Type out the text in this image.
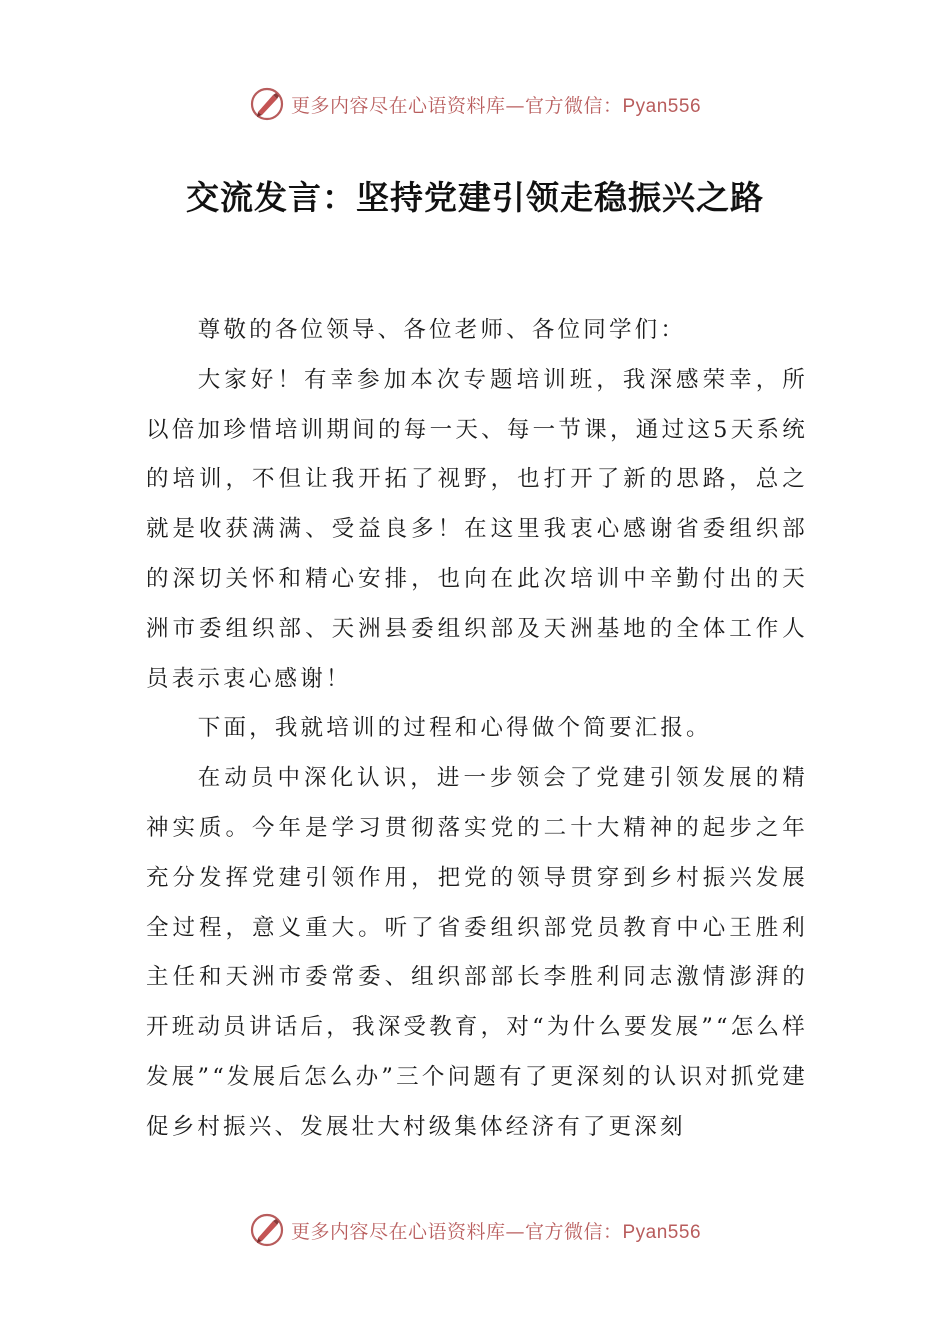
更多内容尽在心语资料库—官方微信：Pyan556
交流发言：坚持党建引领走稳振兴之路

尊敬的各位领导、各位老师、各位同学们：

大家好！有幸参加本次专题培训班，我深感荣幸，所以倍加珍惜培训期间的每一天、每一节课，通过这5天系统的培训，不但让我开拓了视野，也打开了新的思路，总之就是收获满满、受益良多！在这里我衷心感谢省委组织部的深切关怀和精心安排，也向在此次培训中辛勤付出的天洲市委组织部、天洲县委组织部及天洲基地的全体工作人员表示衷心感谢！

下面，我就培训的过程和心得做个简要汇报。

在动员中深化认识，进一步领会了党建引领发展的精神实质。今年是学习贯彻落实党的二十大精神的起步之年充分发挥党建引领作用，把党的领导贯穿到乡村振兴发展全过程，意义重大。听了省委组织部党员教育中心王胜利主任和天洲市委常委、组织部部长李胜利同志激情澎湃的开班动员讲话后，我深受教育，对“为什么要发展”“怎么样发展”“发展后怎么办”三个问题有了更深刻的认识对抓党建促乡村振兴、发展壮大村级集体经济有了更深刻

更多内容尽在心语资料库—官方微信：Pyan556
